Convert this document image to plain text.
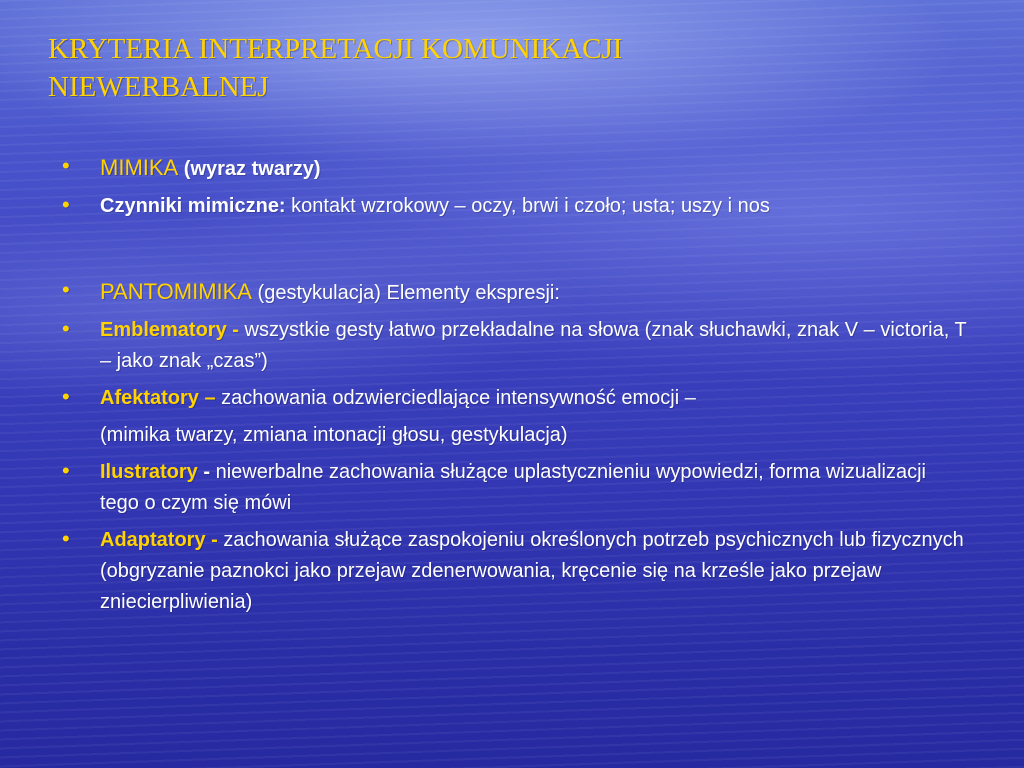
KRYTERIA INTERPRETACJI KOMUNIKACJI
NIEWERBALNEJ
• MIMIKA (wyraz twarzy)
• Czynniki mimiczne: kontakt wzrokowy – oczy, brwi i czoło; usta; uszy i nos
• PANTOMIMIKA (gestykulacja) Elementy ekspresji:
• Emblematory - wszystkie gesty łatwo przekładalne na słowa (znak słuchawki, znak V – victoria, T – jako znak „czas”)
• Afektatory – zachowania odzwierciedlające intensywność emocji –
(mimika twarzy, zmiana intonacji głosu, gestykulacja)
• Ilustratory - niewerbalne zachowania służące uplastycznieniu wypowiedzi, forma wizualizacji tego o czym się mówi
• Adaptatory - zachowania służące zaspokojeniu określonych potrzeb psychicznych lub fizycznych (obgryzanie paznokci jako przejaw zdenerwowania, kręcenie się na krześle jako przejaw zniecierpliwienia)
